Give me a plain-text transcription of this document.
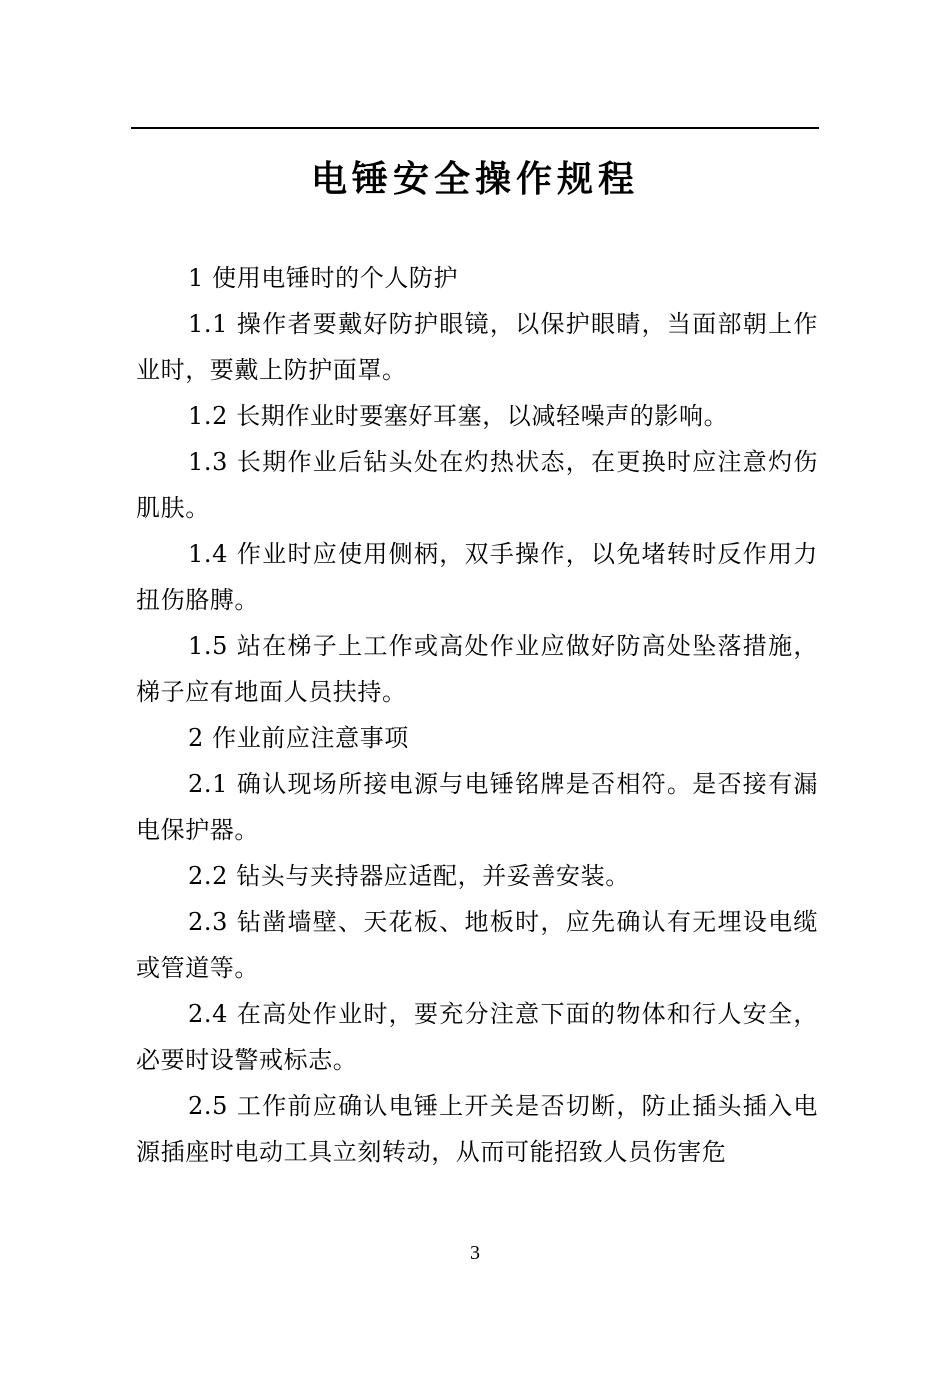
电锤安全操作规程

1 使用电锤时的个人防护

1.1 操作者要戴好防护眼镜，以保护眼睛，当面部朝上作业时，要戴上防护面罩。

1.2 长期作业时要塞好耳塞，以减轻噪声的影响。

1.3 长期作业后钻头处在灼热状态，在更换时应注意灼伤肌肤。

1.4 作业时应使用侧柄，双手操作，以免堵转时反作用力扭伤胳膊。

1.5 站在梯子上工作或高处作业应做好防高处坠落措施，梯子应有地面人员扶持。

2 作业前应注意事项

2.1 确认现场所接电源与电锤铭牌是否相符。是否接有漏电保护器。

2.2 钻头与夹持器应适配，并妥善安装。

2.3 钻凿墙壁、天花板、地板时，应先确认有无埋设电缆或管道等。

2.4 在高处作业时，要充分注意下面的物体和行人安全，必要时设警戒标志。

2.5 工作前应确认电锤上开关是否切断，防止插头插入电源插座时电动工具立刻转动，从而可能招致人员伤害危

3
